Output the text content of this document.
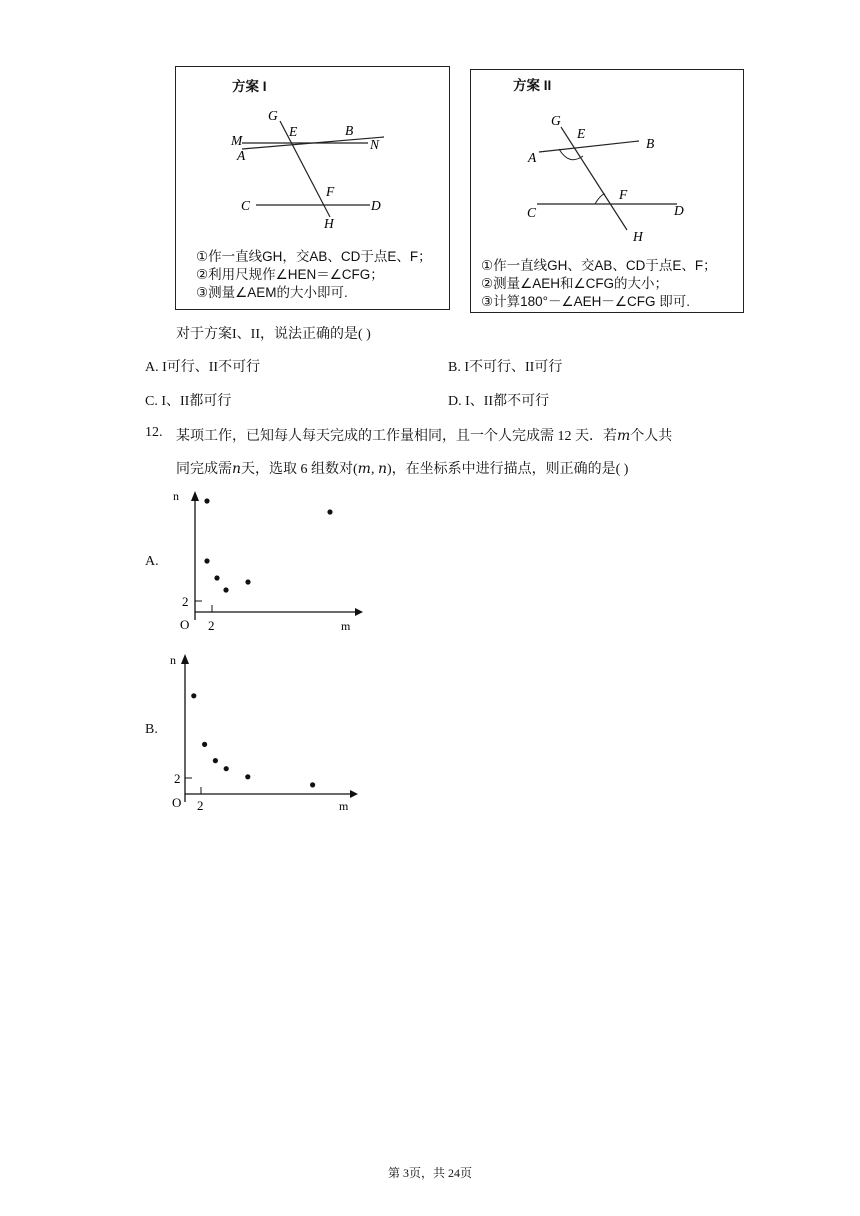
方案 I
G
E	B
M
A
N
F
C	D
H
①作一直线GH，交AB、CD于点E、F；
②利用尺规作∠HEN＝∠CFG；
③测量∠AEM的大小即可.
方案 II
G
E
B
A
F
C	D
H
①作一直线GH、交AB、CD于点E、F；
②测量∠AEH和∠CFG的大小；
③计算180°－∠AEH－∠CFG 即可.
对于方案I、II，说法正确的是( )
A. I可行、II不可行	B. I不可行、II可行
C. I、II都可行	D. I、II都不可行
12. 某项工作，已知每人每天完成的工作量相同，且一个人完成需 12 天．若𝑚个人共
同完成需𝑛天，选取 6 组数对(𝑚, 𝑛)，在坐标系中进行描点，则正确的是( )
A.
B.
n
m
O 2
2
n
m
O 2
2
第 3页，共 24页
